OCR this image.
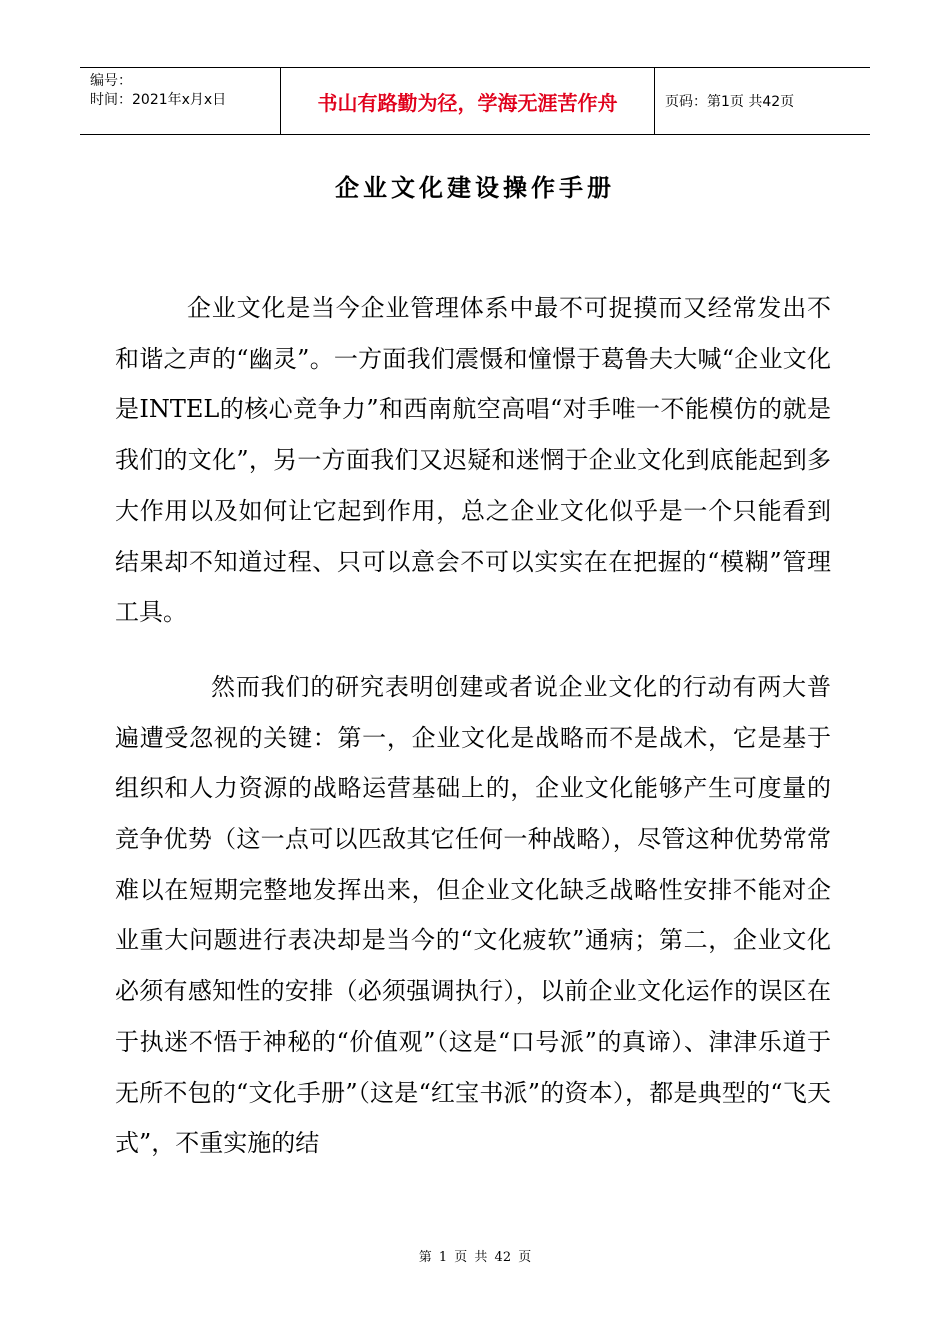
编号：
时间：2021年x月x日	书山有路勤为径，学海无涯苦作舟	页码：第1页 共42页
企业文化建设操作手册

企业文化是当今企业管理体系中最不可捉摸而又经常发出不和谐之声的“幽灵”。一方面我们震慑和憧憬于葛鲁夫大喊“企业文化是INTEL的核心竞争力”和西南航空高唱“对手唯一不能模仿的就是我们的文化”，另一方面我们又迟疑和迷惘于企业文化到底能起到多大作用以及如何让它起到作用，总之企业文化似乎是一个只能看到结果却不知道过程、只可以意会不可以实实在在把握的“模糊”管理工具。

然而我们的研究表明创建或者说企业文化的行动有两大普遍遭受忽视的关键：第一，企业文化是战略而不是战术，它是基于组织和人力资源的战略运营基础上的，企业文化能够产生可度量的竞争优势（这一点可以匹敌其它任何一种战略），尽管这种优势常常难以在短期完整地发挥出来，但企业文化缺乏战略性安排不能对企业重大问题进行表决却是当今的“文化疲软”通病；第二，企业文化必须有感知性的安排（必须强调执行），以前企业文化运作的误区在于执迷不悟于神秘的“价值观”（这是“口号派”的真谛）、津津乐道于无所不包的“文化手册”（这是“红宝书派”的资本），都是典型的“飞天式”，不重实施的结

第 1 页 共 42 页
